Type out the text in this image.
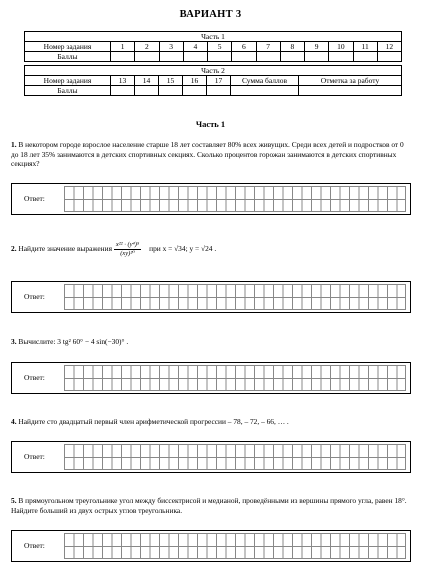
ВАРИАНТ 3
Часть 1												
Номер задания	1	2	3	4	5	6	7	8	9	10	11	12
Баллы												
Часть 2							
Номер задания	13	14	15	16	17	Сумма баллов	Отметка за работу
Баллы							
Часть 1
1. В некотором городе взрослое население старше 18 лет составляет 80% всех живущих. Среди всех детей и подростков от 0 до 18 лет 35% занимаются в детских спортивных секциях. Сколько процентов горожан занимаются в детских спортивных секциях?
Ответ:
2. Найдите значение выражения $\frac{\text{x²² · (y⁴)⁵}}{\text{(xy)²⁰}}$ при x = √34; y = √24 .
Ответ:
3. Вычислите: 3 tg² 60° − 4 sin(−30)° .
Ответ:
4. Найдите сто двадцатый первый член арифметической прогрессии – 78, – 72, – 66, … .
Ответ:
5. В прямоугольном треугольнике угол между биссектрисой и медианой, проведёнными из вершины прямого угла, равен 18°. Найдите больший из двух острых углов треугольника.
Ответ:
